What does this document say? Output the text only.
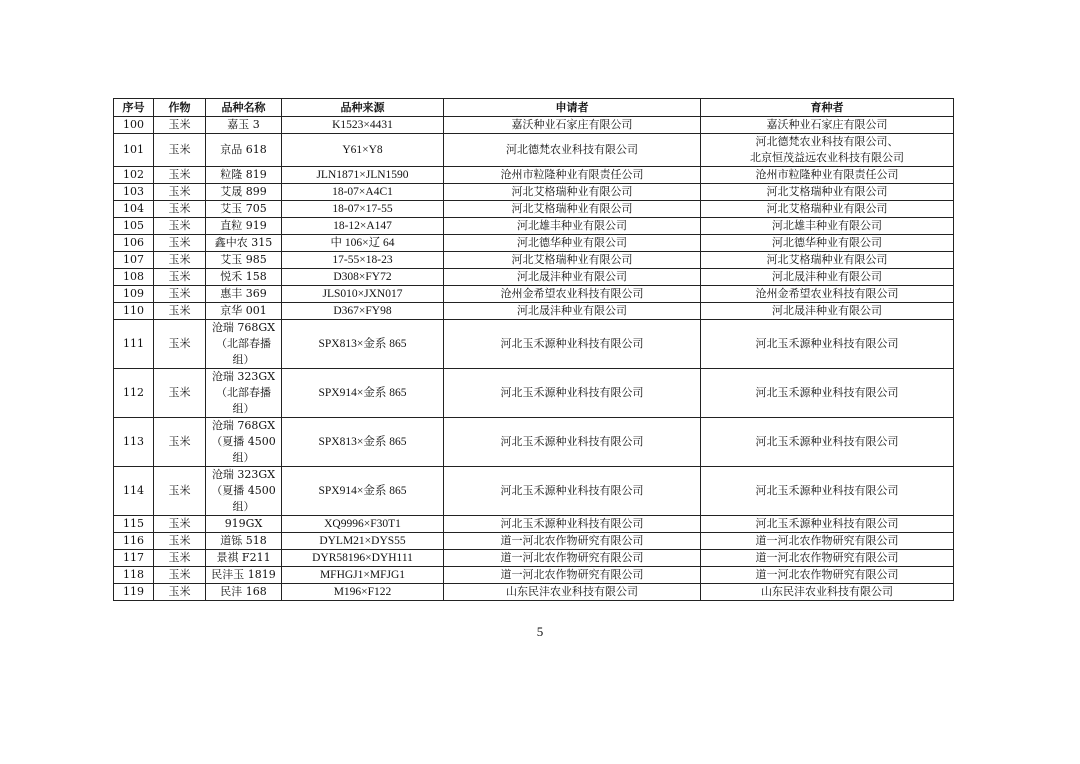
序号	作物	品种名称	品种来源	申请者	育种者
100	玉米	嘉玉 3	K1523×4431	嘉沃种业石家庄有限公司	嘉沃种业石家庄有限公司

101	玉米	京品 618	Y61×Y8	河北德梵农业科技有限公司	河北德梵农业科技有限公司、
北京恒茂益远农业科技有限公司

102	玉米	粒隆 819	JLN1871×JLN1590	沧州市粒隆种业有限责任公司	沧州市粒隆种业有限责任公司

103	玉米	艾晟 899	18-07×A4C1	河北艾格瑞种业有限公司	河北艾格瑞种业有限公司

104	玉米	艾玉 705	18-07×17-55	河北艾格瑞种业有限公司	河北艾格瑞种业有限公司

105	玉米	直粒 919	18-12×A147	河北雄丰种业有限公司	河北雄丰种业有限公司

106	玉米	鑫中农 315	中 106×辽 64	河北德华种业有限公司	河北德华种业有限公司

107	玉米	艾玉 985	17-55×18-23	河北艾格瑞种业有限公司	河北艾格瑞种业有限公司

108	玉米	悦禾 158	D308×FY72	河北晟沣种业有限公司	河北晟沣种业有限公司

109	玉米	惠丰 369	JLS010×JXN017	沧州金希望农业科技有限公司	沧州金希望农业科技有限公司

110	玉米	京华 001	D367×FY98	河北晟沣种业有限公司	河北晟沣种业有限公司

111	玉米	沧瑞 768GX
（北部春播
组）	SPX813×金系 865	河北玉禾源种业科技有限公司	河北玉禾源种业科技有限公司

112	玉米	沧瑞 323GX
（北部春播
组）	SPX914×金系 865	河北玉禾源种业科技有限公司	河北玉禾源种业科技有限公司

113	玉米	沧瑞 768GX
（夏播 4500
组）	SPX813×金系 865	河北玉禾源种业科技有限公司	河北玉禾源种业科技有限公司

114	玉米	沧瑞 323GX
（夏播 4500
组）	SPX914×金系 865	河北玉禾源种业科技有限公司	河北玉禾源种业科技有限公司

115	玉米	919GX	XQ9996×F30T1	河北玉禾源种业科技有限公司	河北玉禾源种业科技有限公司

116	玉米	道铄 518	DYLM21×DYS55	道一河北农作物研究有限公司	道一河北农作物研究有限公司

117	玉米	景祺 F211	DYR58196×DYH111	道一河北农作物研究有限公司	道一河北农作物研究有限公司

118	玉米	民沣玉 1819	MFHGJ1×MFJG1	道一河北农作物研究有限公司	道一河北农作物研究有限公司

119	玉米	民沣 168	M196×F122	山东民沣农业科技有限公司	山东民沣农业科技有限公司
5
